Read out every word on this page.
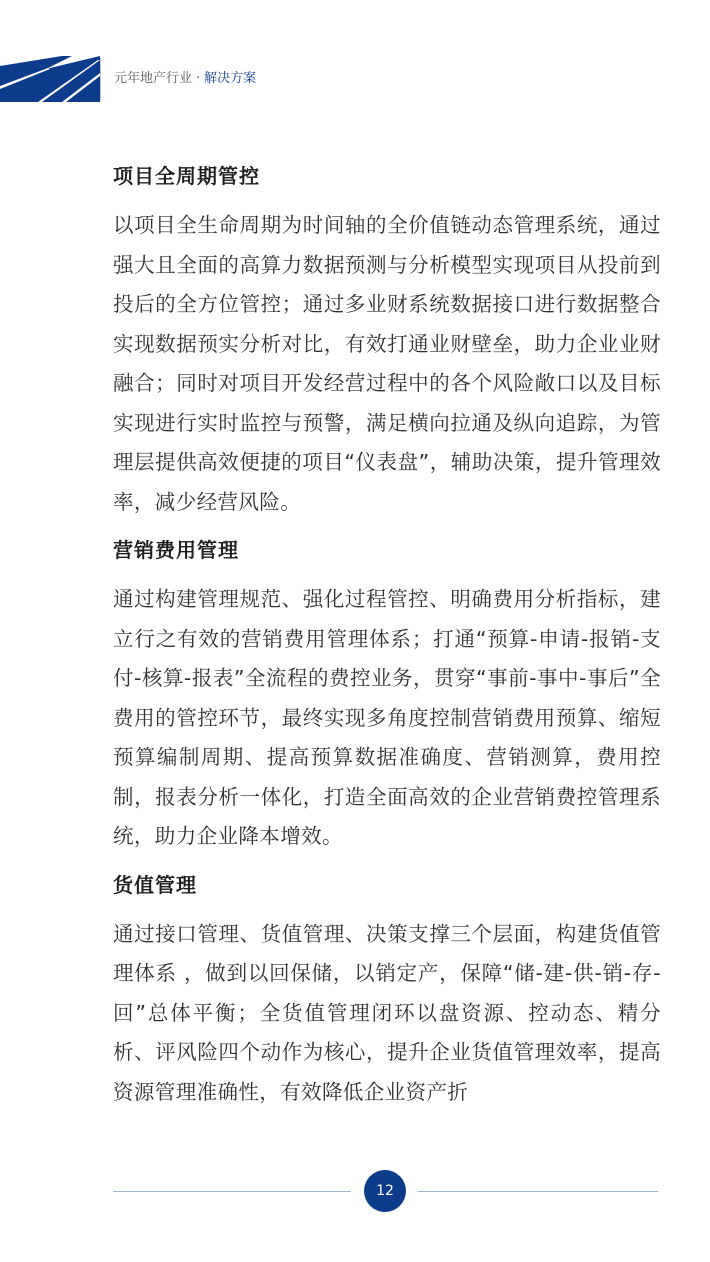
元年地产行业 · 解决方案
项目全周期管控

以项目全生命周期为时间轴的全价值链动态管理系统，通过强大且全面的高算力数据预测与分析模型实现项目从投前到投后的全方位管控；通过多业财系统数据接口进行数据整合实现数据预实分析对比，有效打通业财壁垒，助力企业业财融合；同时对项目开发经营过程中的各个风险敞口以及目标实现进行实时监控与预警，满足横向拉通及纵向追踪，为管理层提供高效便捷的项目“仪表盘”，辅助决策，提升管理效率，减少经营风险。

营销费用管理

通过构建管理规范、强化过程管控、明确费用分析指标，建立行之有效的营销费用管理体系；打通“预算-申请-报销-支付-核算-报表”全流程的费控业务，贯穿“事前-事中-事后”全费用的管控环节，最终实现多角度控制营销费用预算、缩短预算编制周期、提高预算数据准确度、营销测算，费用控制，报表分析一体化，打造全面高效的企业营销费控管理系统，助力企业降本增效。

货值管理

通过接口管理、货值管理、决策支撑三个层面，构建货值管理体系 ，做到以回保储，以销定产，保障“储-建-供-销-存-回”总体平衡；全货值管理闭环以盘资源、控动态、精分析、评风险四个动作为核心，提升企业货值管理效率，提高资源管理准确性，有效降低企业资产折

12
